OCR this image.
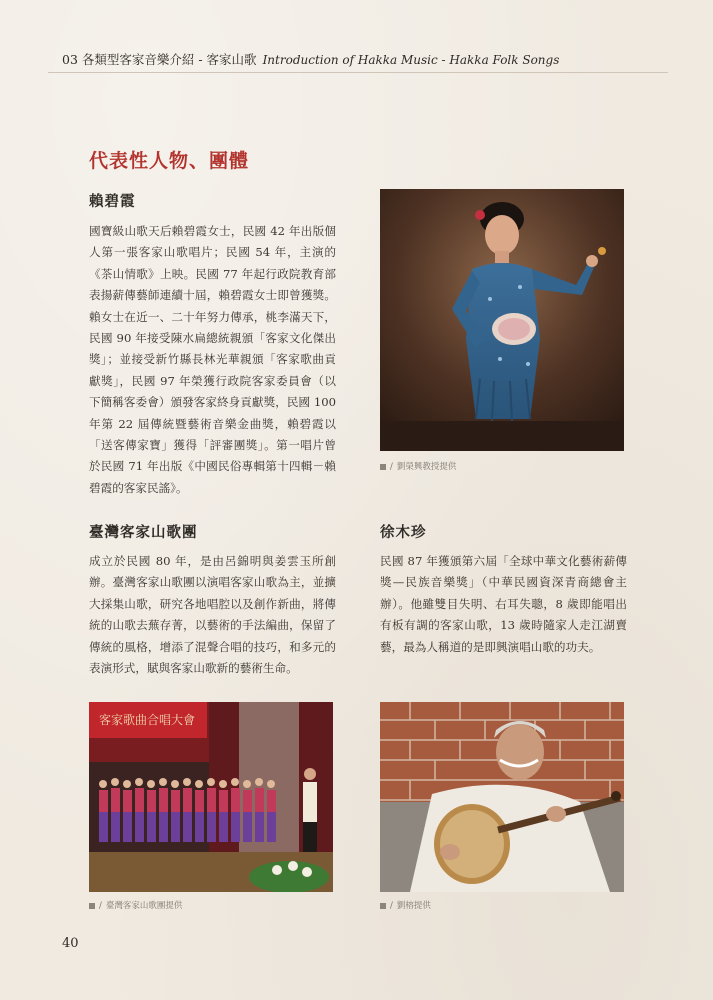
03 各類型客家音樂介紹 - 客家山歌 Introduction of Hakka Music - Hakka Folk Songs
代表性人物、團體
賴碧霞
國寶級山歌天后賴碧霞女士，民國 42 年出版個人第一張客家山歌唱片；民國 54 年，主演的《茶山情歌》上映。民國 77 年起行政院教育部表揚薪傳藝師連續十屆，賴碧霞女士即曾獲獎。賴女士在近一、二十年努力傳承，桃李滿天下，民國 90 年接受陳水扁總統親頒「客家文化傑出獎」；並接受新竹縣長林光華親頒「客家歌曲貢獻獎」，民國 97 年榮獲行政院客家委員會（以下簡稱客委會）頒發客家終身貢獻獎，民國 100 年第 22 屆傳統暨藝術音樂金曲獎，賴碧霞以「送客傳家寶」獲得「評審團獎」。第一唱片曾於民國 71 年出版《中國民俗專輯第十四輯－賴碧霞的客家民謠》。
/ 劉榮興教授提供
臺灣客家山歌團
成立於民國 80 年，是由呂錦明與姜雲玉所創辦。臺灣客家山歌團以演唱客家山歌為主，並擴大採集山歌，研究各地唱腔以及創作新曲，將傳統的山歌去蕪存菁，以藝術的手法編曲，保留了傳統的風格，增添了混聲合唱的技巧，和多元的表演形式，賦與客家山歌新的藝術生命。
徐木珍
民國 87 年獲頒第六屆「全球中華文化藝術薪傳獎—民族音樂獎」（中華民國資深青商總會主辦）。他雖雙目失明、右耳失聰，8 歲即能唱出有板有調的客家山歌，13 歲時隨家人走江湖賣藝，最為人稱道的是即興演唱山歌的功夫。
客家歌曲合唱大會
/ 臺灣客家山歌團提供	/ 劉榕提供
40
